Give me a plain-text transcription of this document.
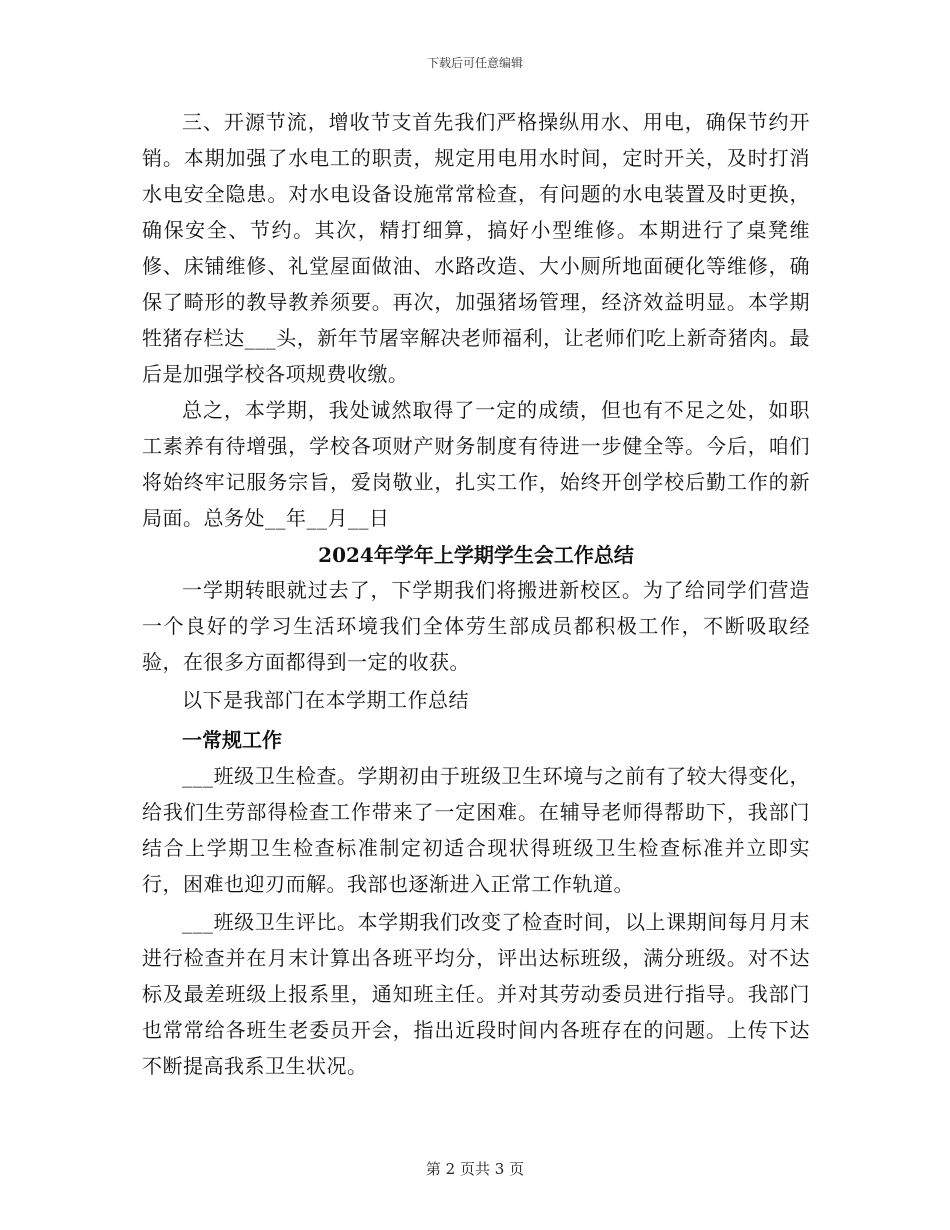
下载后可任意编辑

三、开源节流，增收节支首先我们严格操纵用水、用电，确保节约开销。本期加强了水电工的职责，规定用电用水时间，定时开关，及时打消水电安全隐患。对水电设备设施常常检查，有问题的水电装置及时更换，确保安全、节约。其次，精打细算，搞好小型维修。本期进行了桌凳维修、床铺维修、礼堂屋面做油、水路改造、大小厕所地面硬化等维修，确保了畸形的教导教养须要。再次，加强猪场管理，经济效益明显。本学期牲猪存栏达___头，新年节屠宰解决老师福利，让老师们吃上新奇猪肉。最后是加强学校各项规费收缴。

总之，本学期，我处诚然取得了一定的成绩，但也有不足之处，如职工素养有待增强，学校各项财产财务制度有待进一步健全等。今后，咱们将始终牢记服务宗旨，爱岗敬业，扎实工作，始终开创学校后勤工作的新局面。总务处__年__月__日

2024年学年上学期学生会工作总结

一学期转眼就过去了，下学期我们将搬进新校区。为了给同学们营造一个良好的学习生活环境我们全体劳生部成员都积极工作，不断吸取经验，在很多方面都得到一定的收获。

以下是我部门在本学期工作总结

一常规工作

___班级卫生检查。学期初由于班级卫生环境与之前有了较大得变化，给我们生劳部得检查工作带来了一定困难。在辅导老师得帮助下，我部门结合上学期卫生检查标准制定初适合现状得班级卫生检查标准并立即实行，困难也迎刃而解。我部也逐渐进入正常工作轨道。

___班级卫生评比。本学期我们改变了检查时间，以上课期间每月月末进行检查并在月末计算出各班平均分，评出达标班级，满分班级。对不达标及最差班级上报系里，通知班主任。并对其劳动委员进行指导。我部门也常常给各班生老委员开会，指出近段时间内各班存在的问题。上传下达不断提高我系卫生状况。

第 2 页共 3 页
